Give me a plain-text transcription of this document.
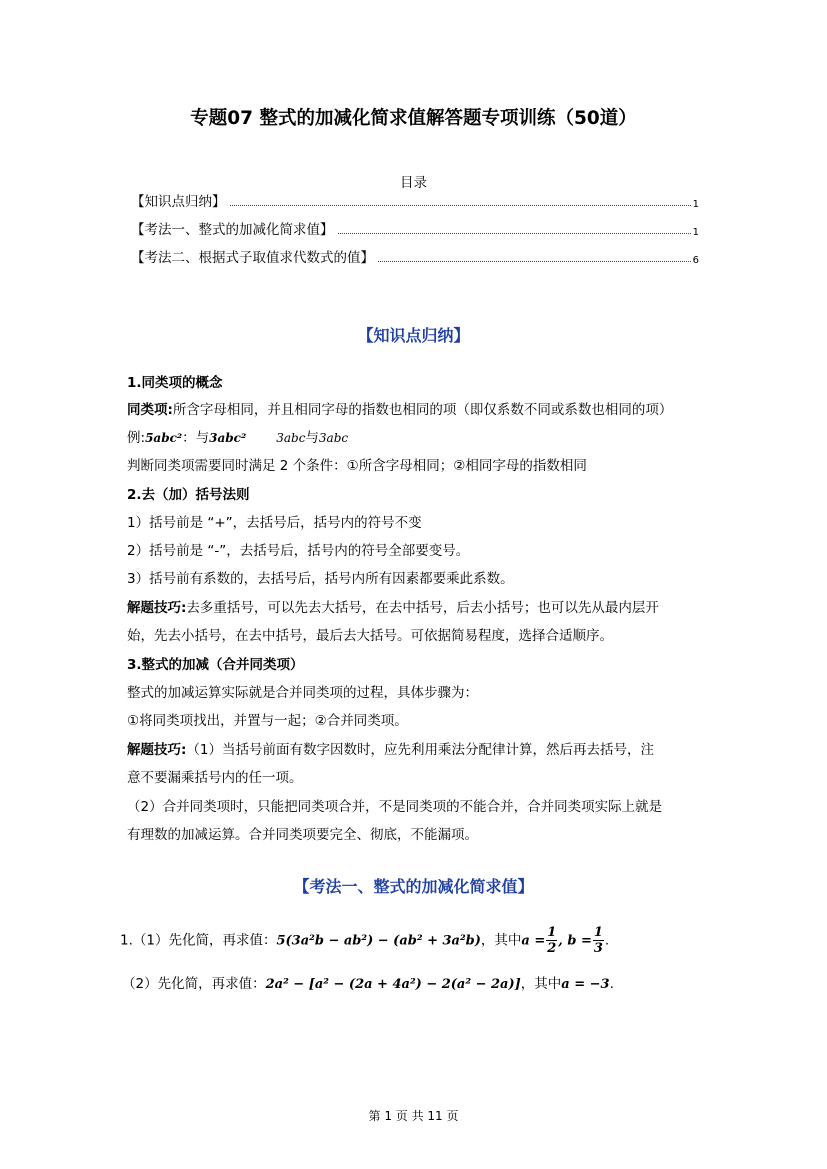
专题07 整式的加减化简求值解答题专项训练（50道）
目录
【知识点归纳】	1
【考法一、整式的加减化简求值】	1
【考法二、根据式子取值求代数式的值】	6
【知识点归纳】
1.同类项的概念
同类项:所含字母相同，并且相同字母的指数也相同的项（即仅系数不同或系数也相同的项）
例:5abc²：与3abc²	3abc与3abc
判断同类项需要同时满足 2 个条件：①所含字母相同；②相同字母的指数相同
2.去（加）括号法则
1）括号前是 “+”，去括号后，括号内的符号不变
2）括号前是 “-”，去括号后，括号内的符号全部要变号。
3）括号前有系数的，去括号后，括号内所有因素都要乘此系数。
解题技巧:去多重括号，可以先去大括号，在去中括号，后去小括号；也可以先从最内层开
始，先去小括号，在去中括号，最后去大括号。可依据简易程度，选择合适顺序。
3.整式的加减（合并同类项）
整式的加减运算实际就是合并同类项的过程，具体步骤为：
①将同类项找出，并置与一起；②合并同类项。
解题技巧:（1）当括号前面有数字因数时，应先利用乘法分配律计算，然后再去括号，注
意不要漏乘括号内的任一项。
（2）合并同类项时，只能把同类项合并，不是同类项的不能合并，合并同类项实际上就是
有理数的加减运算。合并同类项要完全、彻底，不能漏项。
【考法一、整式的加减化简求值】
1.（1）先化简，再求值：5(3a²b − ab²) − (ab² + 3a²b)，其中$a = \frac{1}{2}$ , $b = \frac{1}{3}$ .
（2）先化简，再求值：2a² − [a² − (2a + 4a²) − 2(a² − 2a)]，其中a = −3.
第 1 页 共 11 页
